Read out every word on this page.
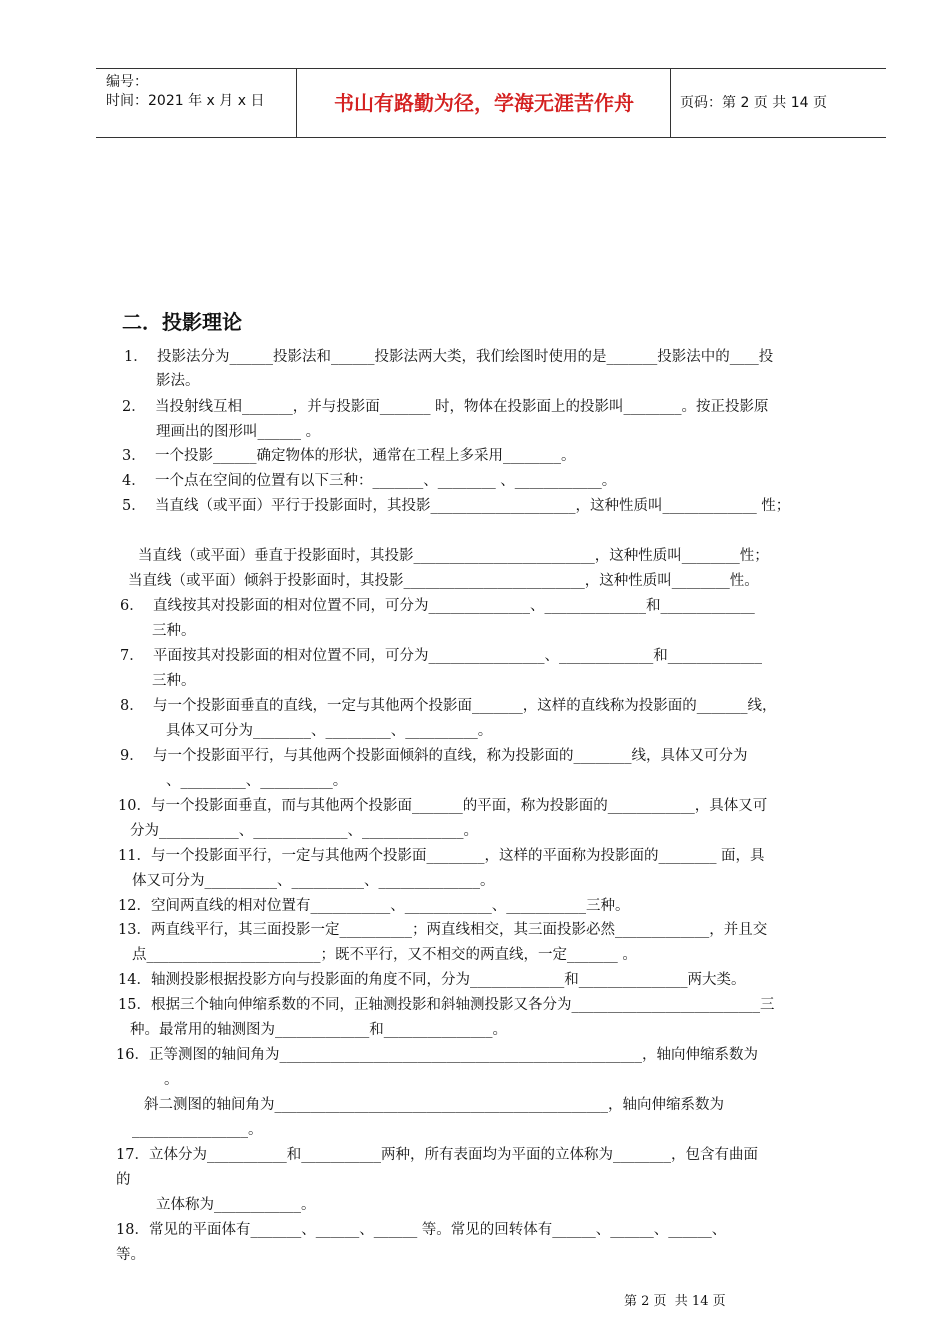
编号：
时间：2021 年 x 月 x 日	书山有路勤为径，学海无涯苦作舟	页码：第 2 页 共 14 页
二．投影理论
1．  投影法分为______投影法和______投影法两大类，我们绘图时使用的是_______投影法中的____投
影法。
2．  当投射线互相_______，并与投影面_______ 时，物体在投影面上的投影叫________。按正投影原
理画出的图形叫______ 。
3．  一个投影______确定物体的形状，通常在工程上多采用________。
4．  一个点在空间的位置有以下三种：_______、________ 、____________。
5．  当直线（或平面）平行于投影面时，其投影____________________，这种性质叫_____________ 性；
当直线（或平面）垂直于投影面时，其投影_________________________，这种性质叫________性；
当直线（或平面）倾斜于投影面时，其投影_________________________，这种性质叫________性。
6．  直线按其对投影面的相对位置不同，可分为______________、______________和_____________
三种。
7．  平面按其对投影面的相对位置不同，可分为________________、_____________和_____________
三种。
8．  与一个投影面垂直的直线，一定与其他两个投影面_______，这样的直线称为投影面的_______线，
具体又可分为________、_________、__________。
9．  与一个投影面平行，与其他两个投影面倾斜的直线，称为投影面的________线，具体又可分为
、_________、__________。
10．与一个投影面垂直，而与其他两个投影面_______的平面，称为投影面的____________，具体又可
分为___________、_____________、______________。
11．与一个投影面平行，一定与其他两个投影面________，这样的平面称为投影面的________ 面，具
体又可分为__________、__________、______________。
12．空间两直线的相对位置有___________、____________、___________三种。
13．两直线平行，其三面投影一定__________；两直线相交，其三面投影必然_____________，并且交
点________________________；既不平行，又不相交的两直线，一定_______ 。
14．轴测投影根据投影方向与投影面的角度不同，分为_____________和_______________两大类。
15．根据三个轴向伸缩系数的不同，正轴测投影和斜轴测投影又各分为__________________________三
种。最常用的轴测图为_____________和_______________。
16．正等测图的轴间角为__________________________________________________，轴向伸缩系数为
。
斜二测图的轴间角为______________________________________________，轴向伸缩系数为
________________。
17．立体分为___________和___________两种，所有表面均为平面的立体称为________，包含有曲面
的
立体称为____________。
18．常见的平面体有_______、______、______ 等。常见的回转体有______、______、______、
等。
第 2 页  共 14 页
